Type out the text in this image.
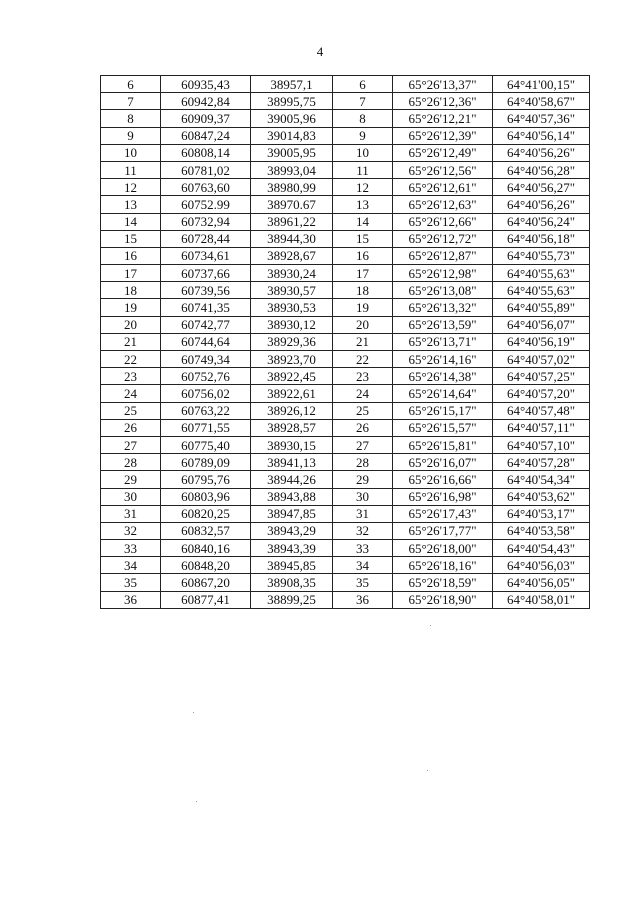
4
6	60935,43	38957,1	6	65°26'13,37"	64°41'00,15"
7	60942,84	38995,75	7	65°26'12,36"	64°40'58,67"
8	60909,37	39005,96	8	65°26'12,21"	64°40'57,36"
9	60847,24	39014,83	9	65°26'12,39"	64°40'56,14"
10	60808,14	39005,95	10	65°26'12,49"	64°40'56,26"
11	60781,02	38993,04	11	65°26'12,56"	64°40'56,28"
12	60763,60	38980,99	12	65°26'12,61"	64°40'56,27"
13	60752.99	38970.67	13	65°26'12,63"	64°40'56,26"
14	60732,94	38961,22	14	65°26'12,66"	64°40'56,24"
15	60728,44	38944,30	15	65°26'12,72"	64°40'56,18"
16	60734,61	38928,67	16	65°26'12,87"	64°40'55,73"
17	60737,66	38930,24	17	65°26'12,98"	64°40'55,63"
18	60739,56	38930,57	18	65°26'13,08"	64°40'55,63"
19	60741,35	38930,53	19	65°26'13,32"	64°40'55,89"
20	60742,77	38930,12	20	65°26'13,59"	64°40'56,07"
21	60744,64	38929,36	21	65°26'13,71"	64°40'56,19"
22	60749,34	38923,70	22	65°26'14,16"	64°40'57,02"
23	60752,76	38922,45	23	65°26'14,38"	64°40'57,25"
24	60756,02	38922,61	24	65°26'14,64"	64°40'57,20"
25	60763,22	38926,12	25	65°26'15,17"	64°40'57,48"
26	60771,55	38928,57	26	65°26'15,57"	64°40'57,11"
27	60775,40	38930,15	27	65°26'15,81"	64°40'57,10"
28	60789,09	38941,13	28	65°26'16,07"	64°40'57,28"
29	60795,76	38944,26	29	65°26'16,66"	64°40'54,34"
30	60803,96	38943,88	30	65°26'16,98"	64°40'53,62"
31	60820,25	38947,85	31	65°26'17,43"	64°40'53,17"
32	60832,57	38943,29	32	65°26'17,77"	64°40'53,58"
33	60840,16	38943,39	33	65°26'18,00"	64°40'54,43"
34	60848,20	38945,85	34	65°26'18,16"	64°40'56,03"
35	60867,20	38908,35	35	65°26'18,59"	64°40'56,05"
36	60877,41	38899,25	36	65°26'18,90"	64°40'58,01"
